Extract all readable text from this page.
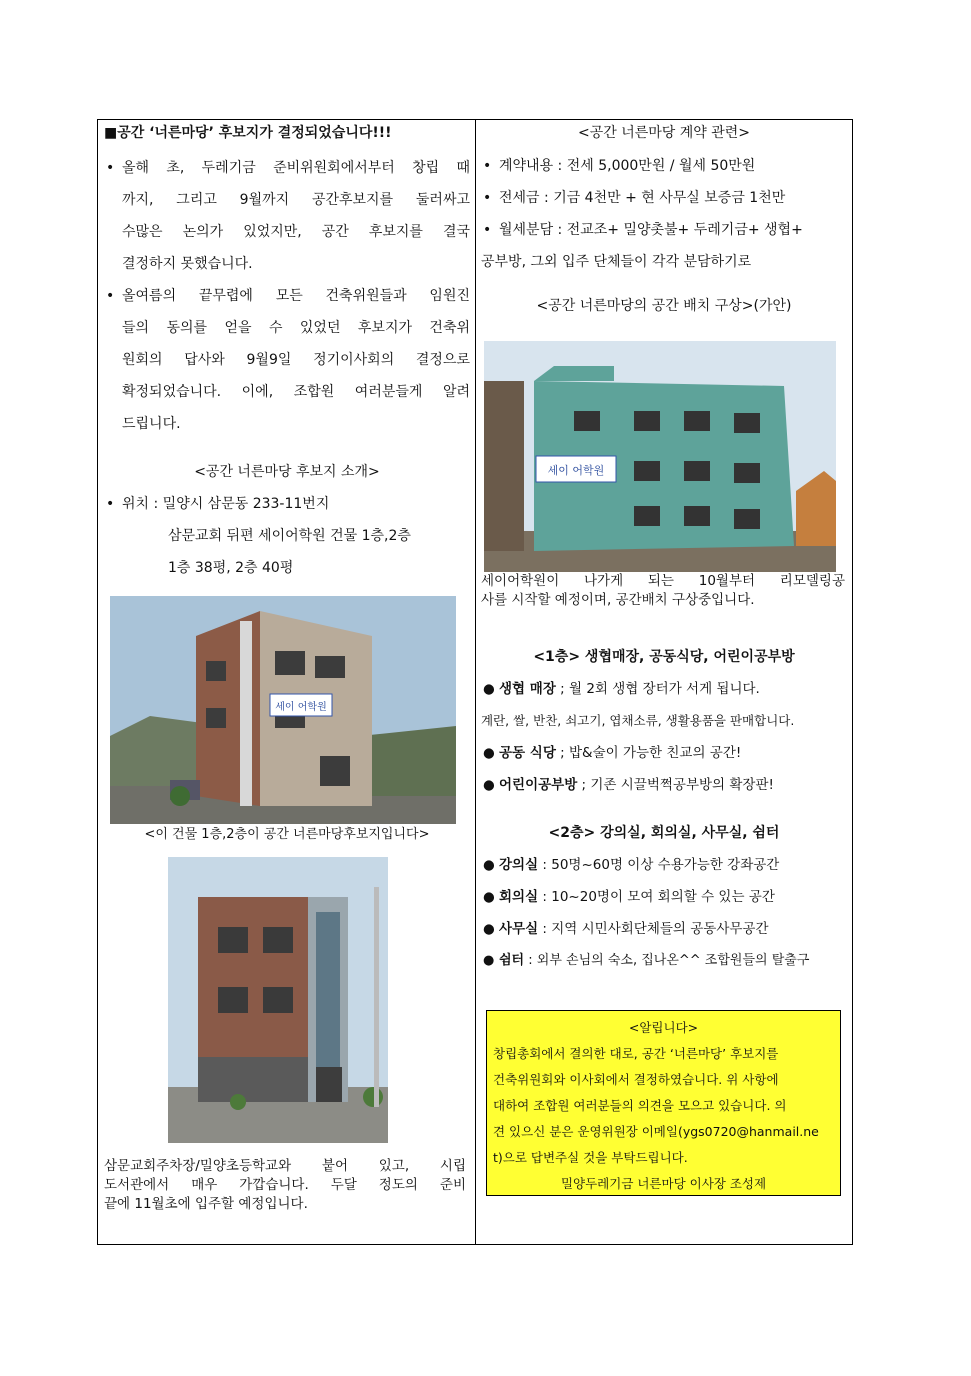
■공간 ‘너른마당’ 후보지가 결정되었습니다!!!
• 올해 초, 두레기금 준비위원회에서부터 창립 때
까지, 그리고 9월까지 공간후보지를 둘러싸고
수많은 논의가 있었지만, 공간 후보지를 결국
결정하지 못했습니다.
• 올여름의 끝무렵에 모든 건축위원들과 임원진
들의 동의를 얻을 수 있었던 후보지가 건축위
원회의 답사와 9월9일 정기이사회의 결정으로
확정되었습니다. 이에, 조합원 여러분들게 알려
드립니다.
<공간 너른마당 후보지 소개>
• 위치 : 밀양시 삼문동 233-11번지
삼문교회 뒤편 세이어학원 건물 1층,2층
1층 38평, 2층 40평
세이 어학원
<이 건물 1층,2층이 공간 너른마당후보지입니다>
삼문교회주차장/밀양초등학교와 붙어 있고, 시립
도서관에서 매우 가깝습니다. 두달 정도의 준비
끝에 11월초에 입주할 예정입니다.
<공간 너른마당 계약 관련>
• 계약내용 : 전세 5,000만원 / 월세 50만원
• 전세금 : 기금 4천만 + 현 사무실 보증금 1천만
• 월세분담 : 전교조+ 밀양촛불+ 두레기금+ 생협+
공부방, 그외 입주 단체들이 각각 분담하기로
<공간 너른마당의 공간 배치 구상>(가안)
세이 어학원
세이어학원이 나가게 되는 10월부터 리모델링공
사를 시작할 예정이며, 공간배치 구상중입니다.
<1층> 생협매장, 공동식당, 어린이공부방
● 생협 매장 ; 월 2회 생협 장터가 서게 됩니다.
계란, 쌀, 반찬, 쇠고기, 엽채소류, 생활용품을 판매합니다.
● 공동 식당 ; 밥&술이 가능한 친교의 공간!
● 어린이공부방 ; 기존 시끌벅쩍공부방의 확장판!
<2층> 강의실, 회의실, 사무실, 쉼터
● 강의실 : 50명~60명 이상 수용가능한 강좌공간
● 회의실 : 10~20명이 모여 회의할 수 있는 공간
● 사무실 : 지역 시민사회단체들의 공동사무공간
● 쉼터 : 외부 손님의 숙소, 집나온^^ 조합원들의 탈출구
<알립니다>
창립총회에서 결의한 대로, 공간 ‘너른마당’ 후보지를
건축위원회와 이사회에서 결정하였습니다. 위 사항에
대하여 조합원 여러분들의 의견을 모으고 있습니다. 의
견 있으신 분은 운영위원장 이메일(ygs0720@hanmail.ne
t)으로 답변주실 것을 부탁드립니다.
밀양두레기금 너른마당 이사장 조성제
